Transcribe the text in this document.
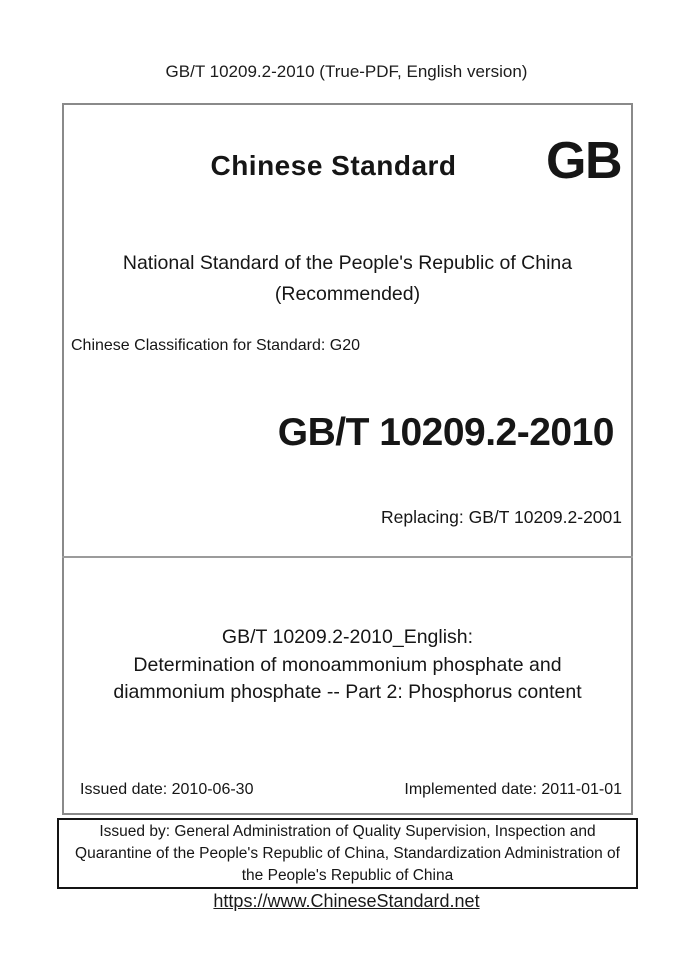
GB/T 10209.2-2010 (True-PDF, English version)
Chinese Standard	GB
National Standard of the People's Republic of China
(Recommended)
Chinese Classification for Standard: G20
GB/T 10209.2-2010
Replacing: GB/T 10209.2-2001
GB/T 10209.2-2010_English:
Determination of monoammonium phosphate and
diammonium phosphate -- Part 2: Phosphorus content
Issued date: 2010-06-30	Implemented date: 2011-01-01
Issued by: General Administration of Quality Supervision, Inspection and Quarantine of the People's Republic of China, Standardization Administration of the People's Republic of China
https://www.ChineseStandard.net
